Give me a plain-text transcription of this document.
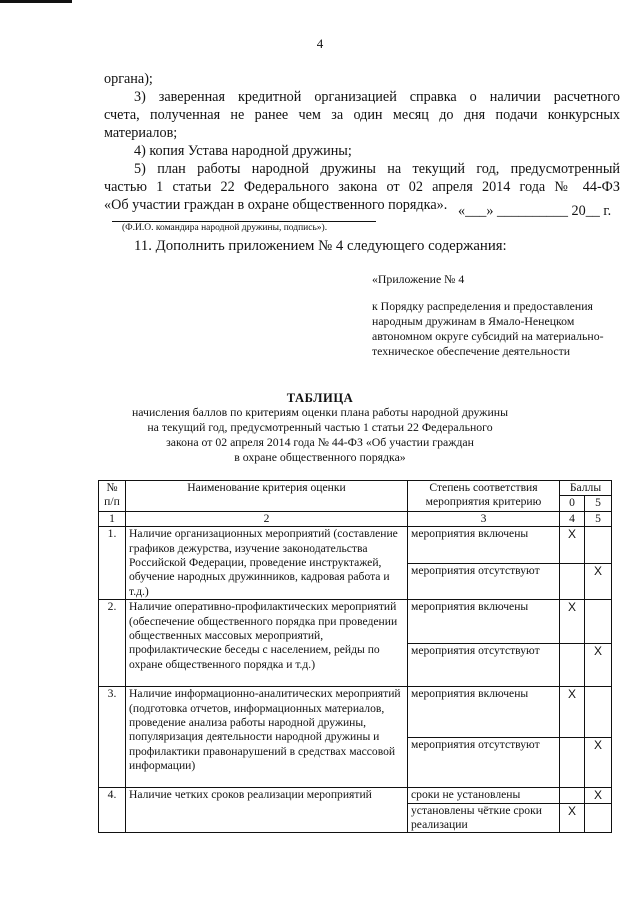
4
органа);
3) заверенная кредитной организацией справка о наличии расчетного
счета, полученная не ранее чем за один месяц до дня подачи конкурсных
материалов;
4) копия Устава народной дружины;
5) план работы народной дружины на текущий год, предусмотренный
частью 1 статьи 22 Федерального закона от 02 апреля 2014 года № 44-ФЗ
«Об участии граждан в охране общественного порядка». «___» __________ 20__ г.
(Ф.И.О. командира народной дружины, подпись»).
11. Дополнить приложением № 4 следующего содержания:
«Приложение № 4
к Порядку распределения и предоставления
народным дружинам в Ямало-Ненецком
автономном округе субсидий на материально-
техническое обеспечение деятельности
ТАБЛИЦА
начисления баллов по критериям оценки плана работы народной дружины
на текущий год, предусмотренный частью 1 статьи 22 Федерального
закона от 02 апреля 2014 года № 44-ФЗ «Об участии граждан
в охране общественного порядка»
№ п/п	Наименование критерия оценки	Степень соответствия мероприятия критерию	Баллы	
			0	5
1	2	3	4	5
1.	Наличие организационных мероприятий (составление графиков дежурства, изучение законодательства Российской Федерации, проведение инструктажей, обучение народных дружинников, кадровая работа и т.д.)	мероприятия включены	X	
		мероприятия отсутствуют		X
2.	Наличие оперативно-профилактических мероприятий (обеспечение общественного порядка при проведении общественных массовых мероприятий, профилактические беседы с населением, рейды по охране общественного порядка и т.д.)	мероприятия включены	X	
		мероприятия отсутствуют		X
3.	Наличие информационно-аналитических мероприятий (подготовка отчетов, информационных материалов, проведение анализа работы народной дружины, популяризация деятельности народной дружины и профилактики правонарушений в средствах массовой информации)	мероприятия включены	X	
		мероприятия отсутствуют		X
4.	Наличие четких сроков реализации мероприятий	сроки не установлены		X
		установлены чёткие сроки реализации	X	
